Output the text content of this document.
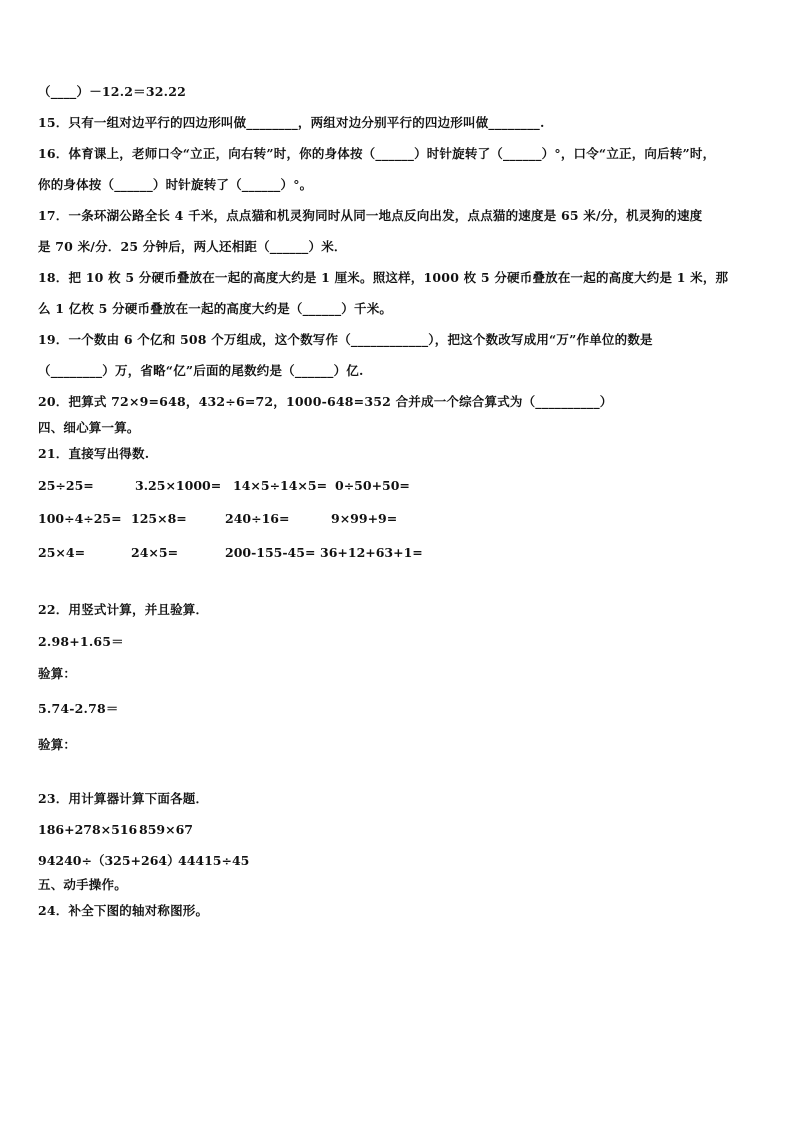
（____）－12.2＝32.22
15．只有一组对边平行的四边形叫做________，两组对边分别平行的四边形叫做________.
16．体育课上，老师口令“立正，向右转”时，你的身体按（______）时针旋转了（______）°，口令“立正，向后转”时，
你的身体按（______）时针旋转了（______）°。
17．一条环湖公路全长 4 千米，点点猫和机灵狗同时从同一地点反向出发，点点猫的速度是 65 米/分，机灵狗的速度
是 70 米/分．25 分钟后，两人还相距（______）米．
18．把 10 枚 5 分硬币叠放在一起的高度大约是 1 厘米。照这样，1000 枚 5 分硬币叠放在一起的高度大约是 1 米，那
么 1 亿枚 5 分硬币叠放在一起的高度大约是（______）千米。
19．一个数由 6 个亿和 508 个万组成，这个数写作（____________），把这个数改写成用“万”作单位的数是
（________）万，省略“亿”后面的尾数约是（______）亿.
20．把算式 72×9=648，432÷6=72，1000-648=352 合并成一个综合算式为（__________）
四、细心算一算。
21．直接写出得数.
25÷25=	3.25×1000= 14×5÷14×5= 0÷50+50=
100÷4÷25= 125×8=	240÷16=	9×99+9=
25×4=	24×5=	200-155-45= 36+12+63+1=
22．用竖式计算，并且验算．
2.98+1.65＝
验算：
5.74-2.78＝
验算：
23．用计算器计算下面各题．
186+278×516 859×67
94240÷（325+264）
44415÷45
五、动手操作。
24．补全下图的轴对称图形。
